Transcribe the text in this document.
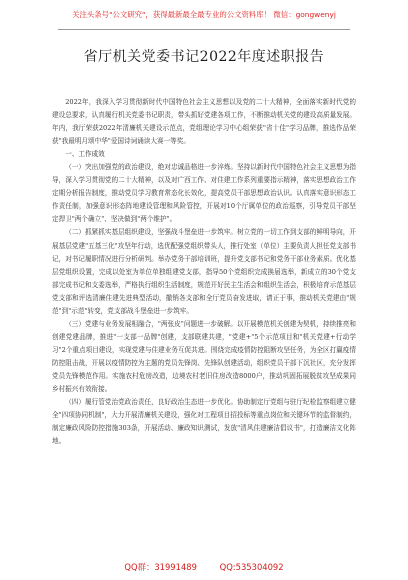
关注头条号"公文研究"，获得最新最全最专业的公文资料库！ 微信：gongwenyj
省厅机关党委书记2022年度述职报告

2022年，我深入学习贯彻新时代中国特色社会主义思想以及党的二十大精神，全面落实新时代党的建设总要求，认真履行机关党委书记职责，带头抓好党建各项工作，不断推动机关党的建设高质量发展。年内，我厅荣获2022年清廉机关建设示范点，党组理论学习中心组荣获"省十佳"学习品牌，推选作品荣获"我最明月颂中华"爱国诗词诵读大赛一等奖。

一、工作成效

（一）突出加强党的政治建设，绝对忠诚品格进一步淬炼。坚持以新时代中国特色社会主义思想为指导，深入学习贯彻党的二十大精神，以及对广西工作、对住建工作系列重要指示精神，落实思想政治工作定期分析报告制度，推动党员学习教育常态化长效化，提高党员干部思想政治认识。认真落实意识形态工作责任制，加强意识形态阵地建设管理和风险管控，开展对10个厅属单位的政治巡察，引导党员干部坚定捍卫"两个确立"、坚决做到"两个维护"。

（二）抓紧抓实基层组织建设，坚强战斗堡垒进一步筑牢。树立党的一切工作到支部的鲜明导向，开展基层党建"五基三化"攻坚年行动，选优配强党组织带头人，推行处室（单位）主要负责人担任党支部书记，对书记履职情况进行分析研判。举办党务干部培训班，提升党支部书记和党务干部业务素质。优化基层党组织设置，完成以处室为单位单独组建党支部，指导50个党组织完成换届选举，新成立的30个党支部完成书记和支委选举，严格执行组织生活制度，规范开好民主生活会和组织生活会，积极培育示范基层党支部和评选清廉住建先进典型活动，撤销各支部和全厅党员奋发进取，请正于事，推动机关党建由"规范"到"示范"转变，党支部战斗堡垒进一步筑牢。

（三）党建与业务发展相融合，"两张皮"问题进一步破解。以开展模范机关创建为契机，持续推亮和创建党建品牌，推进"一支部一品牌"创建，支部联建共建，"党建+"5个示范项目和"机关党建+行动学习"2个重点项目建设，实现党建与住建业务互促共进。围绕完成疫情防控阻断攻坚任务，为全区打赢疫情防控阻击战，开展以疫情防控为主题的党员先锋岗、先锋队创建活动，组织党员干部下沉社区，充分发挥党员先锋模范作用。实施农村危房改造，边境农村老旧住房改造8000户，推动巩固拓展脱贫攻坚成果同乡村振兴有效衔接。

（四）履行管党治党政治责任，良好政治生态进一步优化。协助制定厅党组与驻厅纪检监察组建立健全"四项协同机制"，大力开展清廉机关建设，强化对工程项目招投标等重点岗位和关键环节的监督制约，制定廉政风险防控措施303条，开展活动、廉政知识测试，发放"清风住建廉洁倡议书"，打造廉洁文化阵地。

QQ群：31991489	QQ:535304092
